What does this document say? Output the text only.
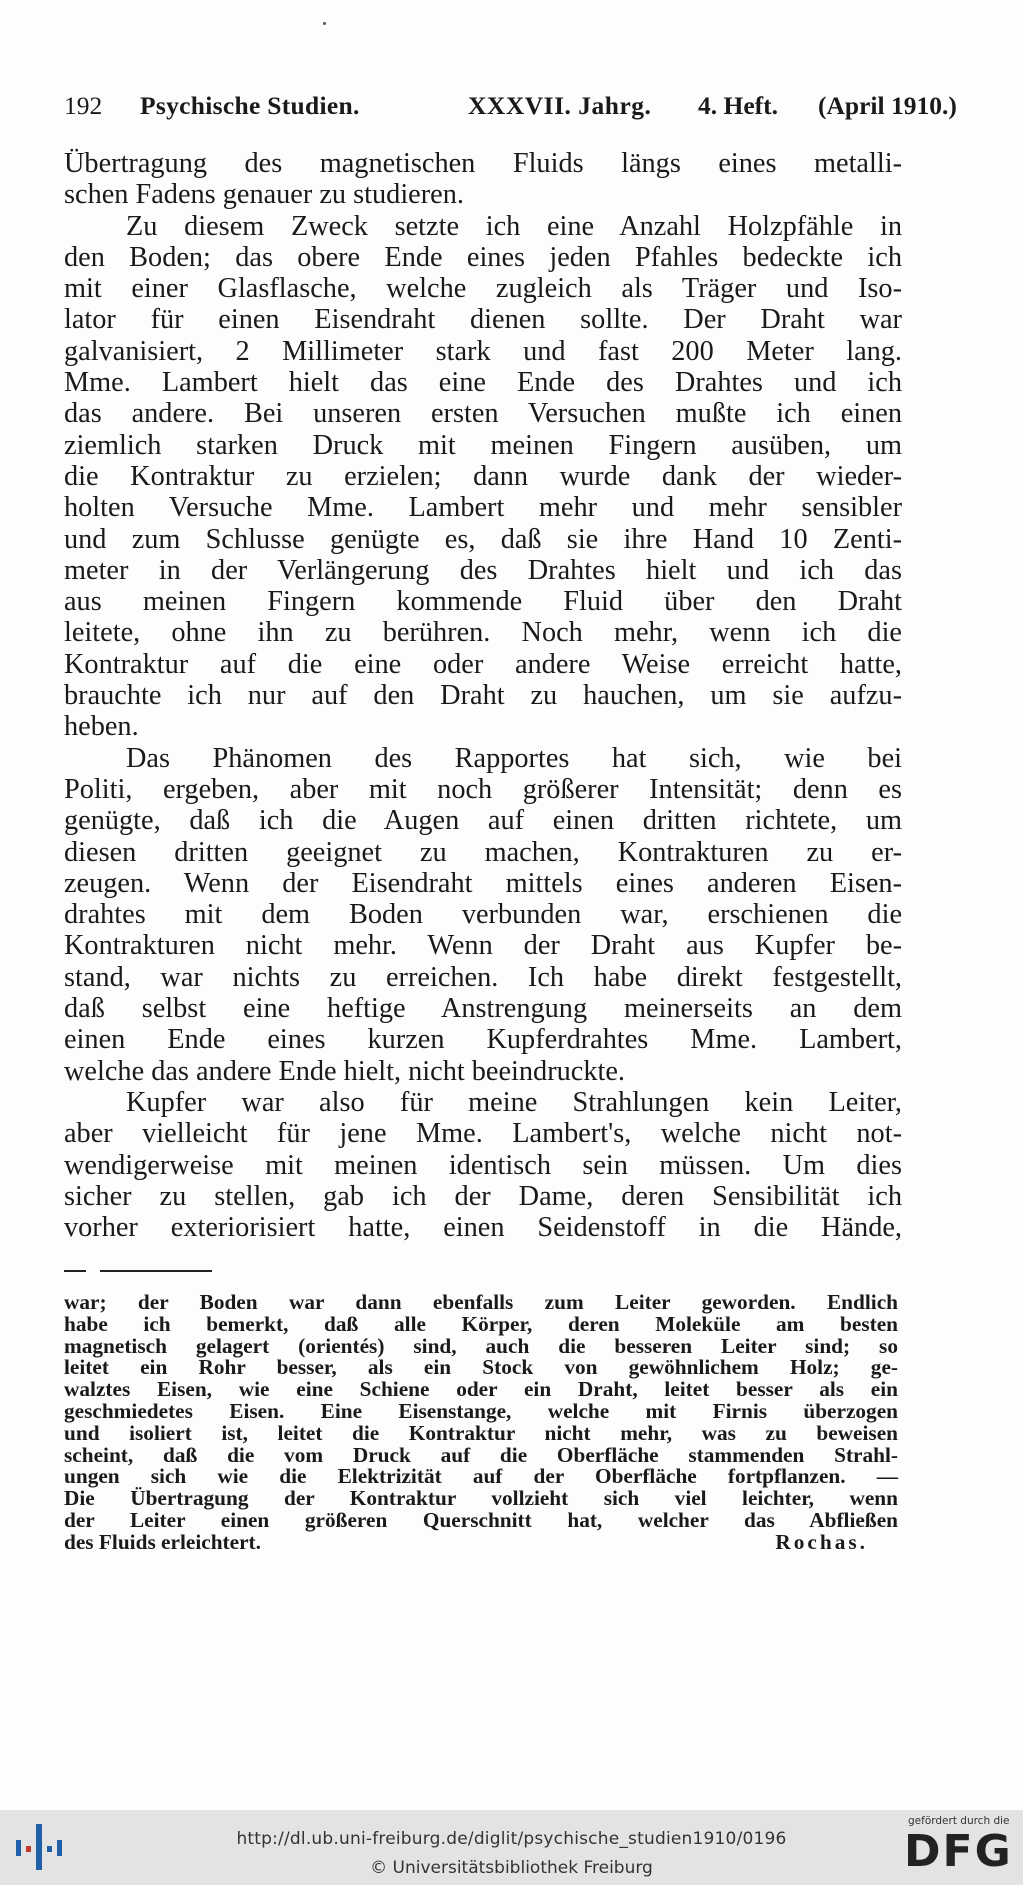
192 Psychische Studien.	XXXVII. Jahrg. 4. Heft. (April 1910.)
Übertragung des magnetischen Fluids längs eines metalli-
schen Fadens genauer zu studieren.
Zu diesem Zweck setzte ich eine Anzahl Holzpfähle in
den Boden; das obere Ende eines jeden Pfahles bedeckte ich
mit einer Glasflasche, welche zugleich als Träger und Iso-
lator für einen Eisendraht dienen sollte. Der Draht war
galvanisiert, 2 Millimeter stark und fast 200 Meter lang.
Mme. Lambert hielt das eine Ende des Drahtes und ich
das andere. Bei unseren ersten Versuchen mußte ich einen
ziemlich starken Druck mit meinen Fingern ausüben, um
die Kontraktur zu erzielen; dann wurde dank der wieder-
holten Versuche Mme. Lambert mehr und mehr sensibler
und zum Schlusse genügte es, daß sie ihre Hand 10 Zenti-
meter in der Verlängerung des Drahtes hielt und ich das
aus meinen Fingern kommende Fluid über den Draht
leitete, ohne ihn zu berühren. Noch mehr, wenn ich die
Kontraktur auf die eine oder andere Weise erreicht hatte,
brauchte ich nur auf den Draht zu hauchen, um sie aufzu-
heben.
Das Phänomen des Rapportes hat sich, wie bei
Politi, ergeben, aber mit noch größerer Intensität; denn es
genügte, daß ich die Augen auf einen dritten richtete, um
diesen dritten geeignet zu machen, Kontrakturen zu er-
zeugen. Wenn der Eisendraht mittels eines anderen Eisen-
drahtes mit dem Boden verbunden war, erschienen die
Kontrakturen nicht mehr. Wenn der Draht aus Kupfer be-
stand, war nichts zu erreichen. Ich habe direkt festgestellt,
daß selbst eine heftige Anstrengung meinerseits an dem
einen Ende eines kurzen Kupferdrahtes Mme. Lambert,
welche das andere Ende hielt, nicht beeindruckte.
Kupfer war also für meine Strahlungen kein Leiter,
aber vielleicht für jene Mme. Lambert's, welche nicht not-
wendigerweise mit meinen identisch sein müssen. Um dies
sicher zu stellen, gab ich der Dame, deren Sensibilität ich
vorher exteriorisiert hatte, einen Seidenstoff in die Hände,
war; der Boden war dann ebenfalls zum Leiter geworden. Endlich
habe ich bemerkt, daß alle Körper, deren Moleküle am besten
magnetisch gelagert (orientés) sind, auch die besseren Leiter sind; so
leitet ein Rohr besser, als ein Stock von gewöhnlichem Holz; ge-
walztes Eisen, wie eine Schiene oder ein Draht, leitet besser als ein
geschmiedetes Eisen. Eine Eisenstange, welche mit Firnis überzogen
und isoliert ist, leitet die Kontraktur nicht mehr, was zu beweisen
scheint, daß die vom Druck auf die Oberfläche stammenden Strahl-
ungen sich wie die Elektrizität auf der Oberfläche fortpflanzen. —
Die Übertragung der Kontraktur vollzieht sich viel leichter, wenn
der Leiter einen größeren Querschnitt hat, welcher das Abfließen
des Fluids erleichtert.	Rochas.
http://dl.ub.uni-freiburg.de/diglit/psychische_studien1910/0196
© Universitätsbibliothek Freiburg
gefördert durch die
DFG
